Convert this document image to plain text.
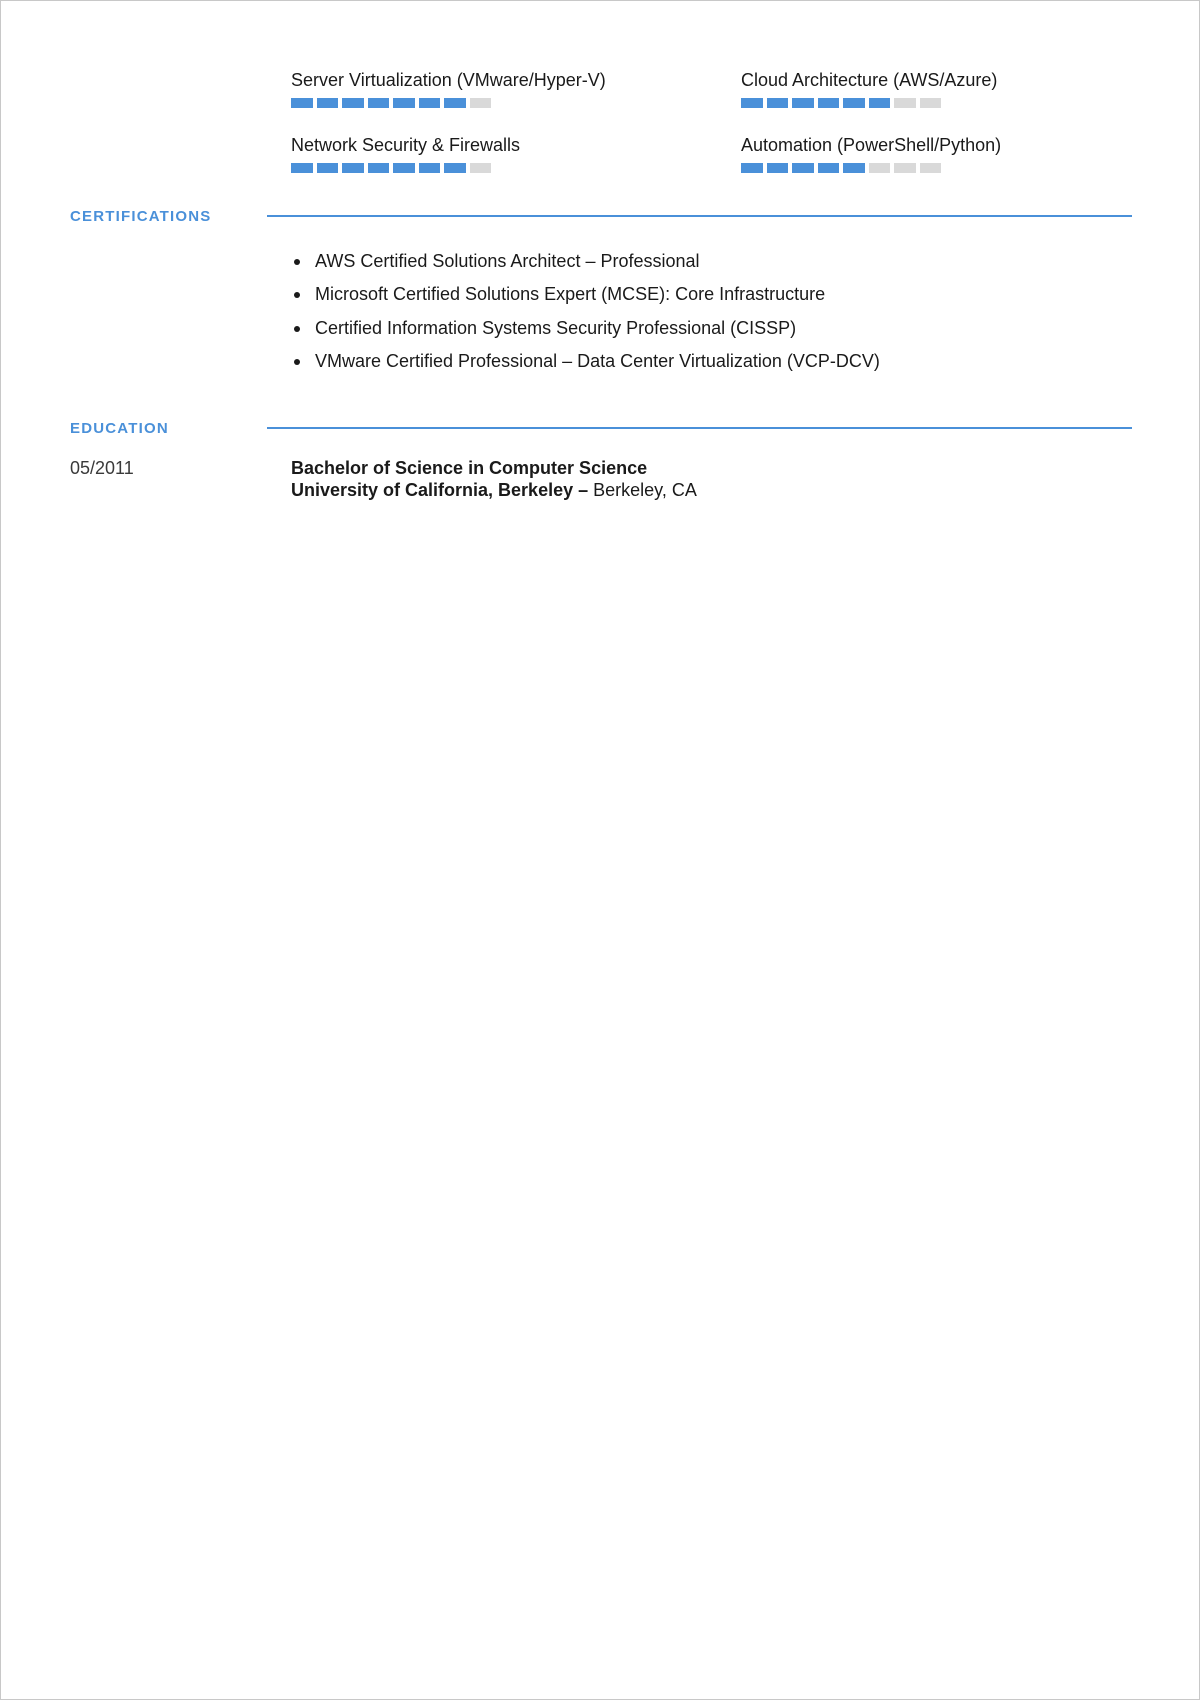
Server Virtualization (VMware/Hyper-V)	Cloud Architecture (AWS/Azure)
Network Security & Firewalls	Automation (PowerShell/Python)
CERTIFICATIONS
AWS Certified Solutions Architect – Professional
Microsoft Certified Solutions Expert (MCSE): Core Infrastructure
Certified Information Systems Security Professional (CISSP)
VMware Certified Professional – Data Center Virtualization (VCP-DCV)
EDUCATION
05/2011	Bachelor of Science in Computer Science
University of California, Berkeley – Berkeley, CA
